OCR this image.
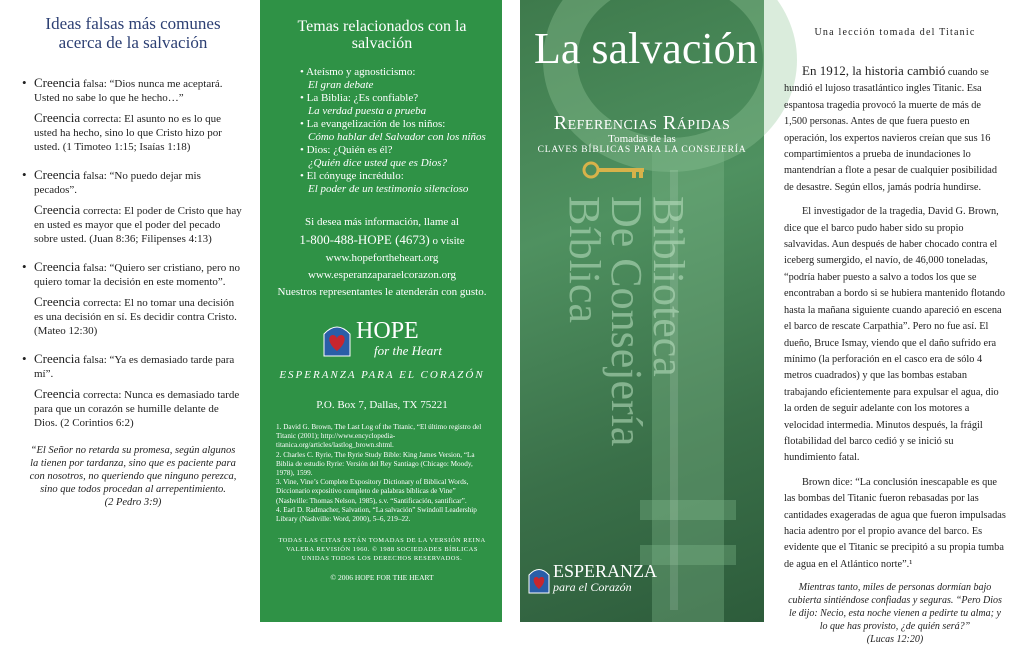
Ideas falsas más comunes acerca de la salvación
• Creencia falsa: “Dios nunca me aceptará. Usted no sabe lo que he hecho…”
Creencia correcta: El asunto no es lo que usted ha hecho, sino lo que Cristo hizo por usted. (1 Timoteo 1:15; Isaías 1:18)
• Creencia falsa: “No puedo dejar mis pecados”.
Creencia correcta: El poder de Cristo que hay en usted es mayor que el poder del pecado sobre usted. (Juan 8:36; Filipenses 4:13)
• Creencia falsa: “Quiero ser cristiano, pero no quiero tomar la decisión en este momento”.
Creencia correcta: El no tomar una decisión es una decisión en sí. Es decidir contra Cristo. (Mateo 12:30)
• Creencia falsa: “Ya es demasiado tarde para mí”.
Creencia correcta: Nunca es demasiado tarde para que un corazón se humille delante de Dios. (2 Corintios 6:2)
“El Señor no retarda su promesa, según algunos la tienen por tardanza, sino que es paciente para con nosotros, no queriendo que ninguno perezca, sino que todos procedan al arrepentimiento.
(2 Pedro 3:9)
Temas relacionados con la salvación
• Ateísmo y agnosticismo:
El gran debate
• La Biblia: ¿Es confiable?
La verdad puesta a prueba
• La evangelización de los niños:
Cómo hablar del Salvador con los niños
• Dios: ¿Quién es él?
¿Quién dice usted que es Dios?
• El cónyuge incrédulo:
El poder de un testimonio silencioso
Si desea más información, llame al
1-800-488-HOPE (4673) o visite
www.hopefortheheart.org
www.esperanzaparaelcorazon.org
Nuestros representantes le atenderán con gusto.
HOPE
for the Heart
ESPERANZA PARA EL CORAZÓN
P.O. Box 7, Dallas, TX 75221
1. David G. Brown, The Last Log of the Titanic, “El último registro del Titanic (2001); http://www.encyclopedia-titanica.org/articles/lastlog_brown.shtml.
2. Charles C. Ryrie, The Ryrie Study Bible: King James Version, “La Biblia de estudio Ryrie: Versión del Rey Santiago (Chicago: Moody, 1978), 1599.
3. Vine, Vine’s Complete Expository Dictionary of Biblical Words, Diccionario expositivo completo de palabras bíblicas de Vine” (Nashville: Thomas Nelson, 1985), s.v. “Santificación, santificar”.
4. Earl D. Radmacher, Salvation, “La salvación” Swindoll Leadership Library (Nashville: Word, 2000), 5–6, 219–22.
TODAS LAS CITAS ESTÁN TOMADAS DE LA VERSIÓN REINA VALERA REVISIÓN 1960. © 1988 SOCIEDADES BÍBLICAS UNIDAS TODOS LOS DERECHOS RESERVADOS.
© 2006 HOPE FOR THE HEART
La salvación
Referencias Rápidas
Tomadas de las
CLAVES BÍBLICAS PARA LA CONSEJERÍA
Biblioteca
De Consejería
Bíblica
ESPERANZA
para el Corazón
Una lección tomada del Titanic

En 1912, la historia cambió cuando se hundió el lujoso trasatlántico ingles Titanic. Esa espantosa tragedia provocó la muerte de más de 1,500 personas. Antes de que fuera puesto en operación, los expertos navieros creían que sus 16 compartimientos a prueba de inundaciones lo mantendrían a flote a pesar de cualquier posibilidad de desastre. Según ellos, jamás podría hundirse.

El investigador de la tragedia, David G. Brown, dice que el barco pudo haber sido su propio salvavidas. Aun después de haber chocado contra el iceberg sumergido, el navío, de 46,000 toneladas, “podría haber puesto a salvo a todos los que se encontraban a bordo si se hubiera mantenido flotando hasta la mañana siguiente cuando apareció en escena el barco de rescate Carpathia”. Pero no fue así. El dueño, Bruce Ismay, viendo que el daño sufrido era mínimo (la perforación en el casco era de sólo 4 metros cuadrados) y que las bombas estaban trabajando eficientemente para expulsar el agua, dio la orden de seguir adelante con los motores a velocidad intermedia. Minutos después, la frágil flotabilidad del barco cedió y se inició su hundimiento fatal.

Brown dice: “La conclusión inescapable es que las bombas del Titanic fueron rebasadas por las cantidades exageradas de agua que fueron impulsadas hacia adentro por el propio avance del barco. Es evidente que el Titanic se precipitó a su propia tumba de agua en el Atlántico norte”.¹

Mientras tanto, miles de personas dormían bajo cubierta sintiéndose confiadas y seguras. “Pero Dios le dijo: Necio, esta noche vienen a pedirte tu alma; y lo que has provisto, ¿de quién será?”
(Lucas 12:20)
